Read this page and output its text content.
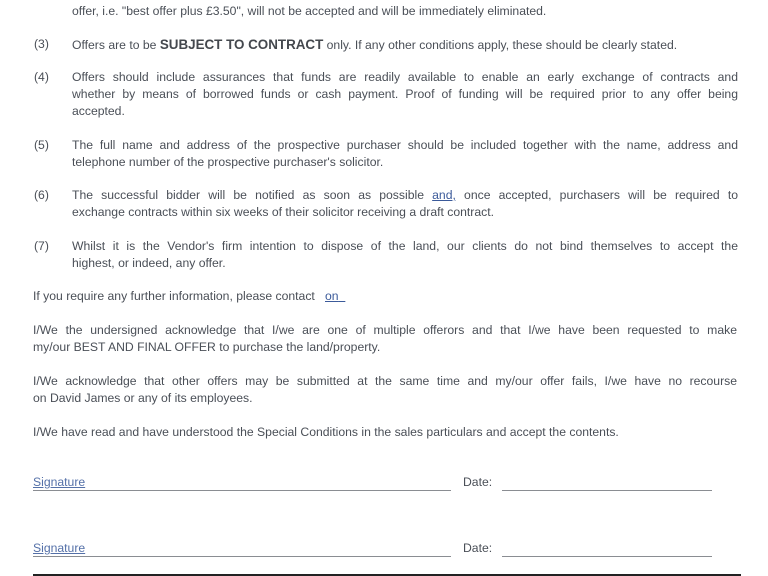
offer, i.e. "best offer plus £3.50", will not be accepted and will be immediately eliminated.
(3) Offers are to be SUBJECT TO CONTRACT only. If any other conditions apply, these should be clearly stated.
(4) Offers should include assurances that funds are readily available to enable an early exchange of contracts and
whether by means of borrowed funds or cash payment. Proof of funding will be required prior to any offer being
accepted.
(5) The full name and address of the prospective purchaser should be included together with the name, address and
telephone number of the prospective purchaser's solicitor.
(6) The successful bidder will be notified as soon as possible and, once accepted, purchasers will be required to
exchange contracts within six weeks of their solicitor receiving a draft contract.
(7) Whilst it is the Vendor's firm intention to dispose of the land, our clients do not bind themselves to accept the
highest, or indeed, any offer.
If you require any further information, please contact on
I/We the undersigned acknowledge that I/we are one of multiple offerors and that I/we have been requested to make
my/our BEST AND FINAL OFFER to purchase the land/property.
I/We acknowledge that other offers may be submitted at the same time and my/our offer fails, I/we have no recourse
on David James or any of its employees.
I/We have read and have understood the Special Conditions in the sales particulars and accept the contents.
Signature	Date:
Signature	Date:
